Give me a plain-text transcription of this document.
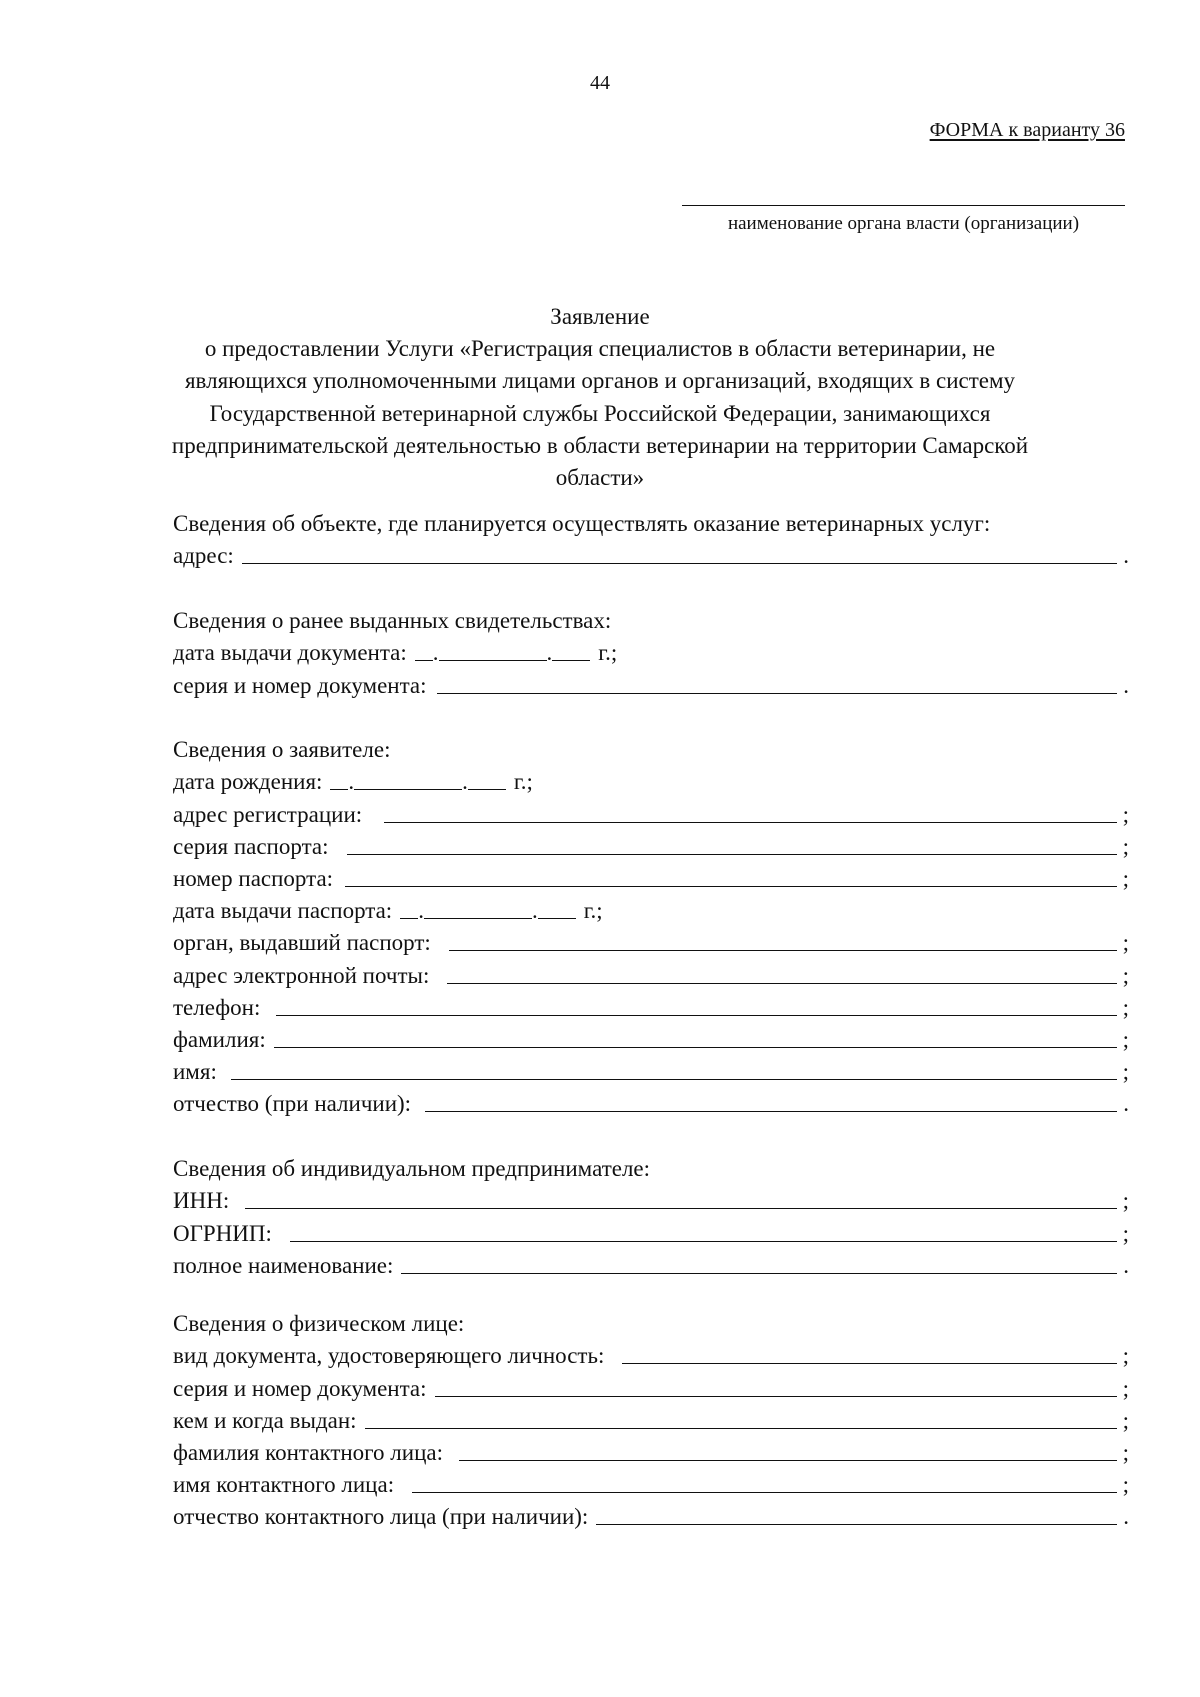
44
ФОРМА к варианту 36
наименование органа власти (организации)
Заявление
о предоставлении Услуги «Регистрация специалистов в области ветеринарии, не
являющихся уполномоченными лицами органов и организаций, входящих в систему
Государственной ветеринарной службы Российской Федерации, занимающихся
предпринимательской деятельностью в области ветеринарии на территории Самарской
области»
Сведения об объекте, где планируется осуществлять оказание ветеринарных услуг:
адрес:	.
Сведения о ранее выданных свидетельствах:
дата выдачи документа: .	. г.;
серия и номер документа:	.
Сведения о заявителе:
дата рождения: .	. г.;
адрес регистрации:	;
серия паспорта:	;
номер паспорта:	;
дата выдачи паспорта: .	. г.;
орган, выдавший паспорт:	;
адрес электронной почты:	;
телефон:	;
фамилия:	;
имя:	;
отчество (при наличии):	.
Сведения об индивидуальном предпринимателе:
ИНН:	;
ОГРНИП:	;
полное наименование:	.
Сведения о физическом лице:
вид документа, удостоверяющего личность:	;
серия и номер документа:	;
кем и когда выдан:	;
фамилия контактного лица:	;
имя контактного лица:	;
отчество контактного лица (при наличии):	.
